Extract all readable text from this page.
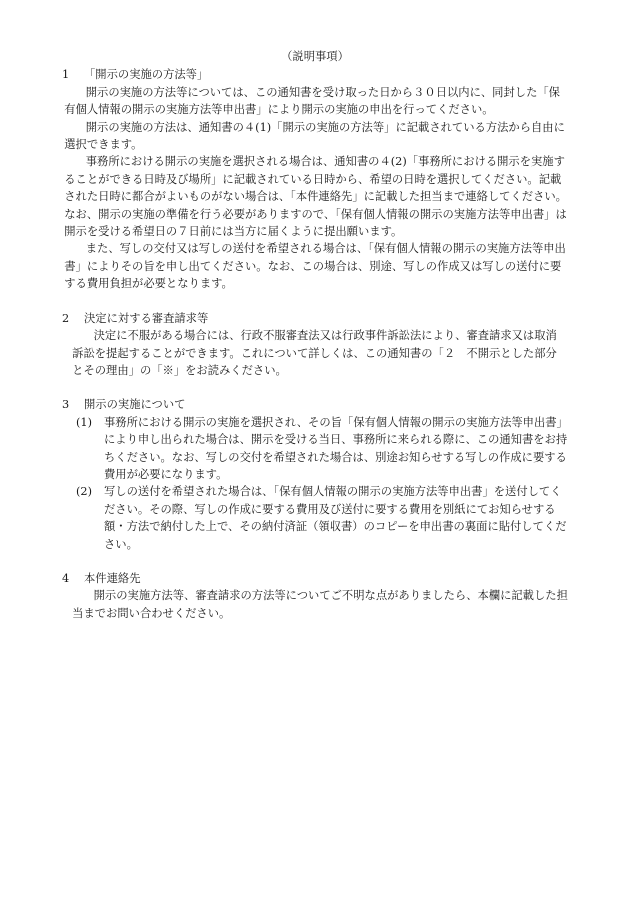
（説明事項）

1 「開示の実施の方法等」

開示の実施の方法等については、この通知書を受け取った日から３０日以内に、同封した「保有個人情報の開示の実施方法等申出書」により開示の実施の申出を行ってください。

開示の実施の方法は、通知書の４(1)「開示の実施の方法等」に記載されている方法から自由に選択できます。

事務所における開示の実施を選択される場合は、通知書の４(2)「事務所における開示を実施することができる日時及び場所」に記載されている日時から、希望の日時を選択してください。記載された日時に都合がよいものがない場合は、「本件連絡先」に記載した担当まで連絡してください。なお、開示の実施の準備を行う必要がありますので、「保有個人情報の開示の実施方法等申出書」は開示を受ける希望日の７日前には当方に届くように提出願います。

また、写しの交付又は写しの送付を希望される場合は、「保有個人情報の開示の実施方法等申出書」によりその旨を申し出てください。なお、この場合は、別途、写しの作成又は写しの送付に要する費用負担が必要となります。

2 決定に対する審査請求等

決定に不服がある場合には、行政不服審査法又は行政事件訴訟法により、審査請求又は取消訴訟を提起することができます。これについて詳しくは、この通知書の「２　不開示とした部分とその理由」の「※」をお読みください。

3 開示の実施について

(1)	事務所における開示の実施を選択され、その旨「保有個人情報の開示の実施方法等申出書」により申し出られた場合は、開示を受ける当日、事務所に来られる際に、この通知書をお持ちください。なお、写しの交付を希望された場合は、別途お知らせする写しの作成に要する費用が必要になります。
(2)	写しの送付を希望された場合は、「保有個人情報の開示の実施方法等申出書」を送付してください。その際、写しの作成に要する費用及び送付に要する費用を別紙にてお知らせする額・方法で納付した上で、その納付済証（領収書）のコピーを申出書の裏面に貼付してください。

4 本件連絡先

開示の実施方法等、審査請求の方法等についてご不明な点がありましたら、本欄に記載した担当までお問い合わせください。
